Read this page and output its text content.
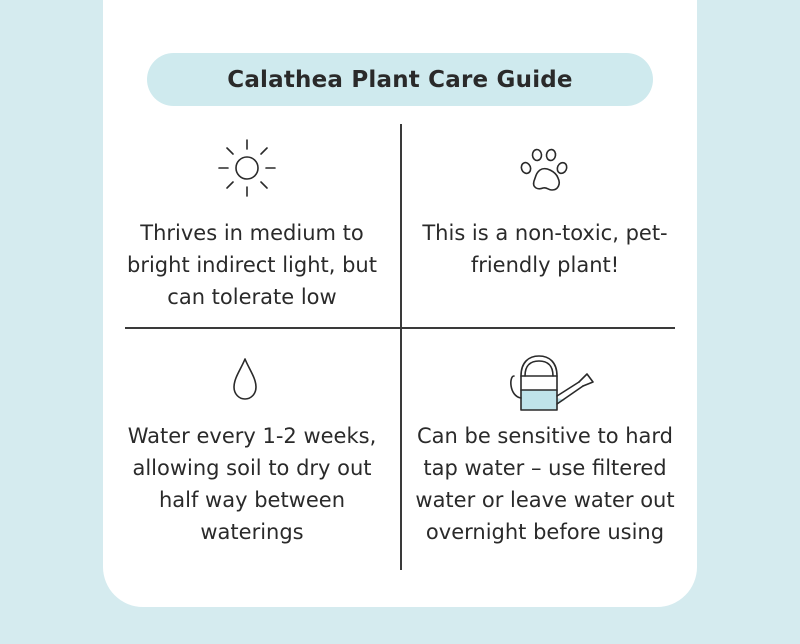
Calathea Plant Care Guide
Thrives in medium to bright indirect light, but can tolerate low
This is a non-toxic, pet-friendly plant!
Water every 1-2 weeks, allowing soil to dry out half way between waterings
Can be sensitive to hard tap water – use filtered water or leave water out overnight before using
